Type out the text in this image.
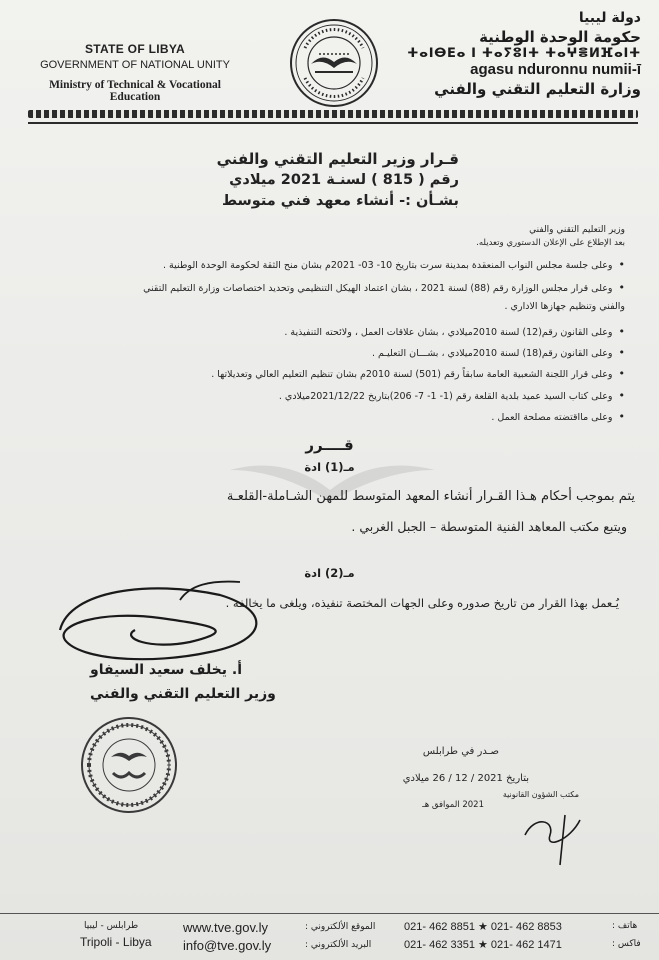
STATE OF LIBYA
GOVERNMENT OF NATIONAL UNITY
Ministry of Technical & Vocational Education
دولة ليبيا
حكومة الوحدة الوطنية
ⵜⴰⵏⴱⴹⴰ ⵏ ⵜⴰⵢⵓⵏⵜ ⵜⴰⵖⴻⵍⴼⴰⵏⵜ
agasu ndur​onnu numii-ī
وزارة التعليم التقني والفني
قـرار وزير التعليم التقني والفني
رقم ( 815 ) لسنـة 2021 ميلادي
بشـأن :- أنشاء معهد فني متوسط
وزير التعليم التقني والفني
بعد الإطلاع على الإعلان الدستوري وتعديله.
• وعلى جلسة مجلس النواب المنعقدة بمدينة سرت بتاريخ 10- 03- 2021م بشان منح الثقة لحكومة الوحدة الوطنية .
• وعلى قرار مجلس الوزارة رقم (88) لسنة 2021 ، بشان اعتماد الهيكل التنظيمي وتحديد اختصاصات وزارة التعليم التقني
والفني وتنظيم جهازها الاداري .
• وعلى القانون رقم(12) لسنة 2010ميلادي ، بشان علاقات العمل ، ولائحته التنفيذية .
• وعلى القانون رقم(18) لسنة 2010ميلادي ، بشـــان التعليـم .
• وعلى قرار اللجنة الشعبية العامة سابقاً رقم (501) لسنة 2010م بشان تنظيم التعليم العالي وتعديلاتها .
• وعلى كتاب السيد عميد بلدية القلعة رقم (1- 1- 7- 206)بتاريخ 2021/12/22ميلادي .
• وعلى مااقتضته مصلحة العمل .
قــــرر
مـ(1) ادة
يتم بموجب أحكام هـذا القـرار أنشاء المعهد المتوسط للمهن الشـاملة-القلعـة
ويتبع مكتب المعاهد الفنية المتوسطة – الجبل الغربي .
مـ(2) ادة
يُـعمل بهذا القرار من تاريخ صدوره وعلى الجهات المختصة تنفيذه، ويلغى ما يخالفه .
أ. يخلف سعيد السيفاو
وزير التعليم التقني والفني
صـدر في طرابلس
بتاريخ 2021 / 12 / 26 ميلادي
2021 الموافق هـ
مكتب الشؤون القانونية
طرابلس - ليبيا
Tripoli - Libya
www.tve.gov.ly	الموقع الألكتروني :
info@tve.gov.ly	البريد الألكتروني :
021- 462 8851 ★ 021- 462 8853	هاتف :
021- 462 3351 ★ 021- 462 1471	فاكس :
